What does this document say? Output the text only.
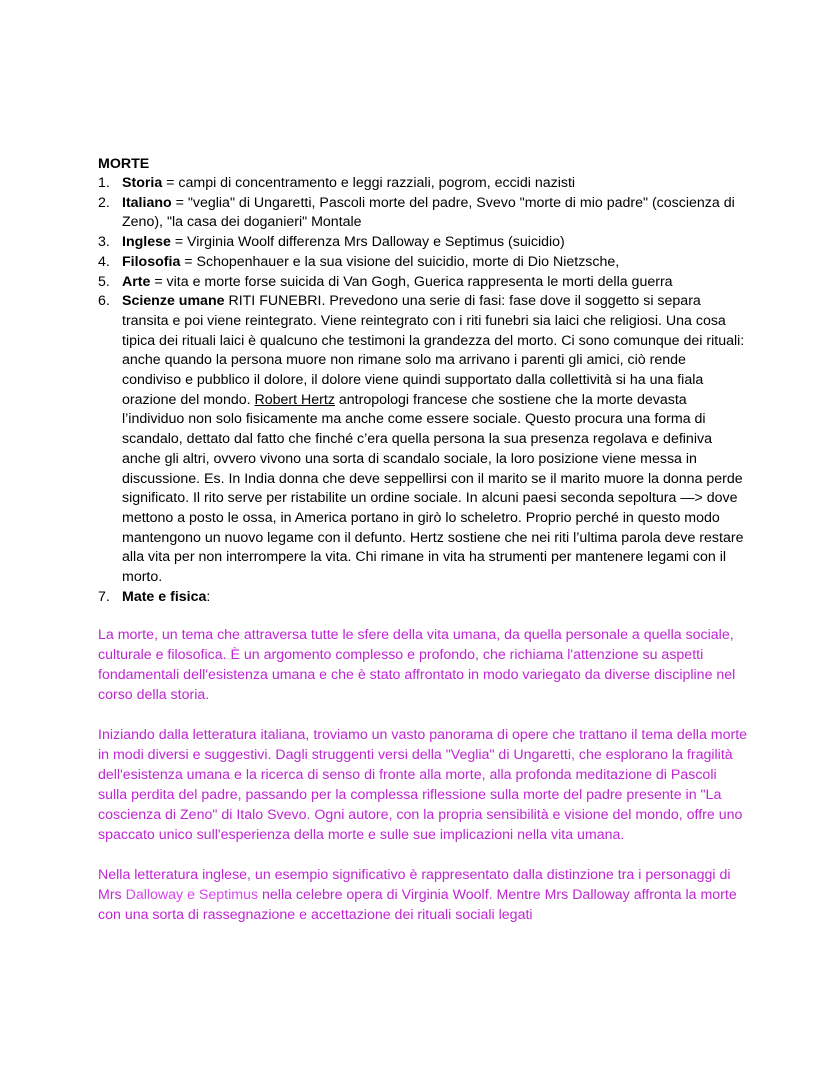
MORTE

1. Storia = campi di concentramento e leggi razziali, pogrom, eccidi nazisti
2. Italiano = "veglia" di Ungaretti, Pascoli morte del padre, Svevo "morte di mio padre" (coscienza di Zeno), "la casa dei doganieri" Montale
3. Inglese = Virginia Woolf differenza Mrs Dalloway e Septimus (suicidio)
4. Filosofia = Schopenhauer e la sua visione del suicidio, morte di Dio Nietzsche,
5. Arte = vita e morte forse suicida di Van Gogh, Guerica rappresenta le morti della guerra
6. Scienze umane RITI FUNEBRI. Prevedono una serie di fasi: fase dove il soggetto si separa transita e poi viene reintegrato. Viene reintegrato con i riti funebri sia laici che religiosi. Una cosa tipica dei rituali laici è qualcuno che testimoni la grandezza del morto. Ci sono comunque dei rituali: anche quando la persona muore non rimane solo ma arrivano i parenti gli amici, ciò rende condiviso e pubblico il dolore, il dolore viene quindi supportato dalla collettività si ha una fiala orazione del mondo. Robert Hertz antropologi francese che sostiene che la morte devasta l’individuo non solo fisicamente ma anche come essere sociale. Questo procura una forma di scandalo, dettato dal fatto che finché c’era quella persona la sua presenza regolava e definiva anche gli altri, ovvero vivono una sorta di scandalo sociale, la loro posizione viene messa in discussione. Es. In India donna che deve seppellirsi con il marito se il marito muore la donna perde significato. Il rito serve per ristabilite un ordine sociale. In alcuni paesi seconda sepoltura —> dove mettono a posto le ossa, in America portano in girò lo scheletro. Proprio perché in questo modo mantengono un nuovo legame con il defunto. Hertz sostiene che nei riti l’ultima parola deve restare alla vita per non interrompere la vita. Chi rimane in vita ha strumenti per mantenere legami con il morto.
7. Mate e fisica:

La morte, un tema che attraversa tutte le sfere della vita umana, da quella personale a quella sociale, culturale e filosofica. È un argomento complesso e profondo, che richiama l'attenzione su aspetti fondamentali dell'esistenza umana e che è stato affrontato in modo variegato da diverse discipline nel corso della storia.

Iniziando dalla letteratura italiana, troviamo un vasto panorama di opere che trattano il tema della morte in modi diversi e suggestivi. Dagli struggenti versi della "Veglia" di Ungaretti, che esplorano la fragilità dell'esistenza umana e la ricerca di senso di fronte alla morte, alla profonda meditazione di Pascoli sulla perdita del padre, passando per la complessa riflessione sulla morte del padre presente in "La coscienza di Zeno" di Italo Svevo. Ogni autore, con la propria sensibilità e visione del mondo, offre uno spaccato unico sull'esperienza della morte e sulle sue implicazioni nella vita umana.

Nella letteratura inglese, un esempio significativo è rappresentato dalla distinzione tra i personaggi di Mrs Dalloway e Septimus nella celebre opera di Virginia Woolf. Mentre Mrs Dalloway affronta la morte con una sorta di rassegnazione e accettazione dei rituali sociali legati
